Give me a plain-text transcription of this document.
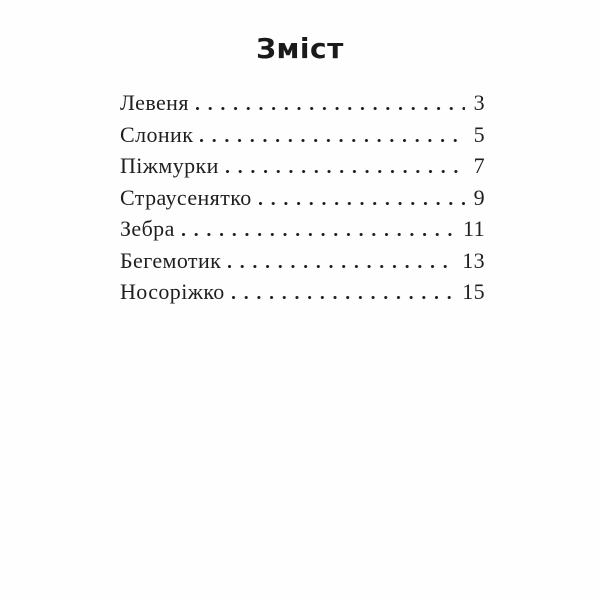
Зміст
Левеня	3
Слоник	5
Піжмурки	7
Страусенятко	9
Зебра	11
Бегемотик	13
Носоріжко	15
